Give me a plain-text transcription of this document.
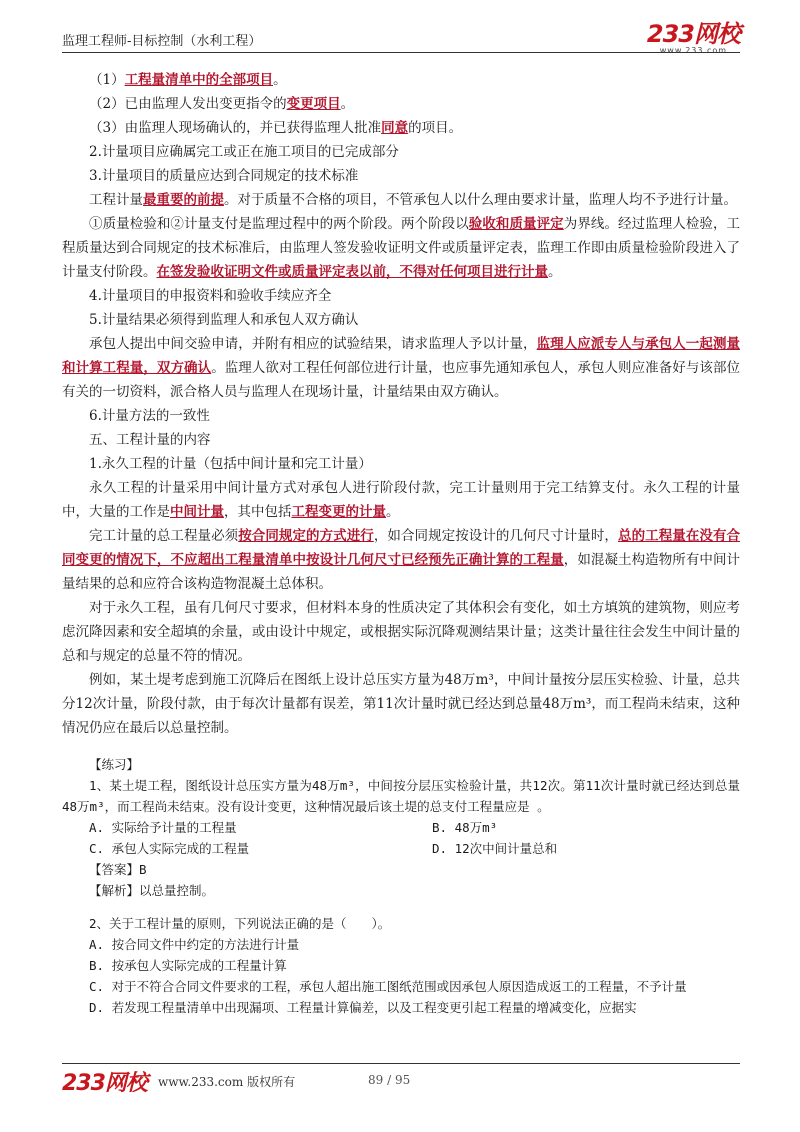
监理工程师-目标控制（水利工程）	233网校
www.233.com

（1）工程量清单中的全部项目。

（2）已由监理人发出变更指令的变更项目。

（3）由监理人现场确认的，并已获得监理人批准同意的项目。

2.计量项目应确属完工或正在施工项目的已完成部分

3.计量项目的质量应达到合同规定的技术标准

工程计量最重要的前提。对于质量不合格的项目，不管承包人以什么理由要求计量，监理人均不予进行计量。

①质量检验和②计量支付是监理过程中的两个阶段。两个阶段以验收和质量评定为界线。经过监理人检验，工程质量达到合同规定的技术标准后，由监理人签发验收证明文件或质量评定表，监理工作即由质量检验阶段进入了计量支付阶段。在签发验收证明文件或质量评定表以前，不得对任何项目进行计量。

4.计量项目的申报资料和验收手续应齐全

5.计量结果必须得到监理人和承包人双方确认

承包人提出中间交验申请，并附有相应的试验结果，请求监理人予以计量，监理人应派专人与承包人一起测量和计算工程量，双方确认。监理人欲对工程任何部位进行计量，也应事先通知承包人，承包人则应准备好与该部位有关的一切资料，派合格人员与监理人在现场计量，计量结果由双方确认。

6.计量方法的一致性

五、工程计量的内容

1.永久工程的计量（包括中间计量和完工计量）

永久工程的计量采用中间计量方式对承包人进行阶段付款，完工计量则用于完工结算支付。永久工程的计量中，大量的工作是中间计量，其中包括工程变更的计量。

完工计量的总工程量必须按合同规定的方式进行，如合同规定按设计的几何尺寸计量时，总的工程量在没有合同变更的情况下，不应超出工程量清单中按设计几何尺寸已经预先正确计算的工程量，如混凝土构造物所有中间计量结果的总和应符合该构造物混凝土总体积。

对于永久工程，虽有几何尺寸要求，但材料本身的性质决定了其体积会有变化，如土方填筑的建筑物，则应考虑沉降因素和安全超填的余量，或由设计中规定，或根据实际沉降观测结果计量；这类计量往往会发生中间计量的总和与规定的总量不符的情况。

例如，某土堤考虑到施工沉降后在图纸上设计总压实方量为48万m³，中间计量按分层压实检验、计量，总共分12次计量，阶段付款，由于每次计量都有误差，第11次计量时就已经达到总量48万m³，而工程尚未结束，这种情况仍应在最后以总量控制。

【练习】

1、某土堤工程，图纸设计总压实方量为48万m³，中间按分层压实检验计量，共12次。第11次计量时就已经达到总量48万m³，而工程尚未结束。没有设计变更，这种情况最后该土堤的总支付工程量应是 。

A. 实际给予计量的工程量	B. 48万m³
C. 承包人实际完成的工程量	D. 12次中间计量总和

【答案】B

【解析】以总量控制。

2、关于工程计量的原则，下列说法正确的是（　　）。

A. 按合同文件中约定的方法进行计量

B. 按承包人实际完成的工程量计算

C. 对于不符合合同文件要求的工程，承包人超出施工图纸范围或因承包人原因造成返工的工程量，不予计量

D. 若发现工程量清单中出现漏项、工程量计算偏差，以及工程变更引起工程量的增减变化，应据实

233网校 www.233.com 版权所有	89 / 95
